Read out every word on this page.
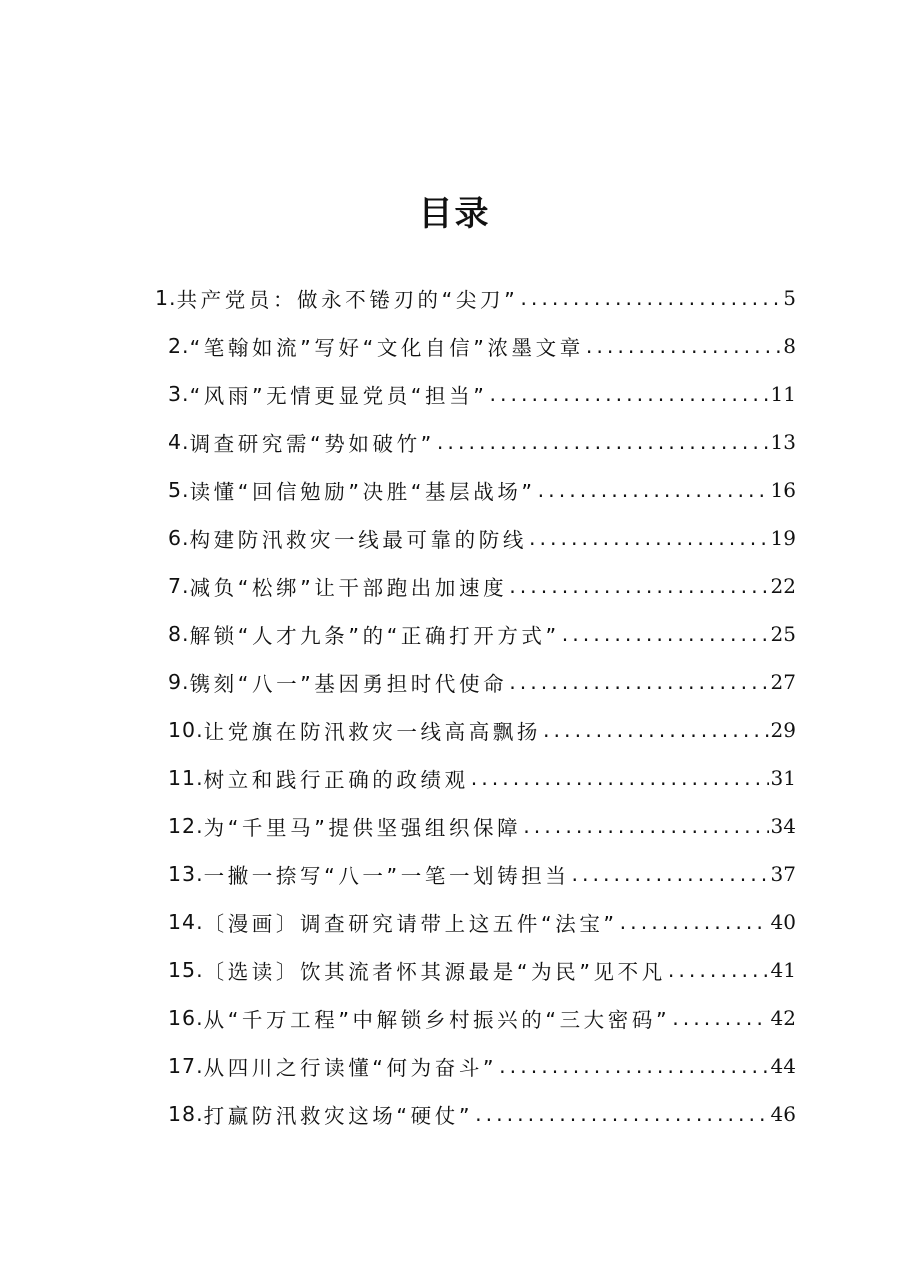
目录
1. 共产党员：做永不锩刃的“尖刀” .....	5
2. “笔翰如流”写好“文化自信”浓墨文章 .....	8
3. “风雨”无情更显党员“担当” .....	11
4. 调查研究需“势如破竹” .....	13
5. 读懂“回信勉励”决胜“基层战场” .....	16
6. 构建防汛救灾一线最可靠的防线 .....	19
7. 减负“松绑”让干部跑出加速度 .....	22
8. 解锁“人才九条”的“正确打开方式” .....	25
9. 镌刻“八一”基因勇担时代使命 .....	27
10. 让党旗在防汛救灾一线高高飘扬 .....	29
11. 树立和践行正确的政绩观 .....	31
12. 为“千里马”提供坚强组织保障 .....	34
13. 一撇一捺写“八一”一笔一划铸担当 .....	37
14. 〔漫画〕调查研究请带上这五件“法宝” .....	40
15. 〔选读〕饮其流者怀其源最是“为民”见不凡 .....	41
16. 从“千万工程”中解锁乡村振兴的“三大密码” .....	42
17. 从四川之行读懂“何为奋斗” .....	44
18. 打赢防汛救灾这场“硬仗” .....	46
